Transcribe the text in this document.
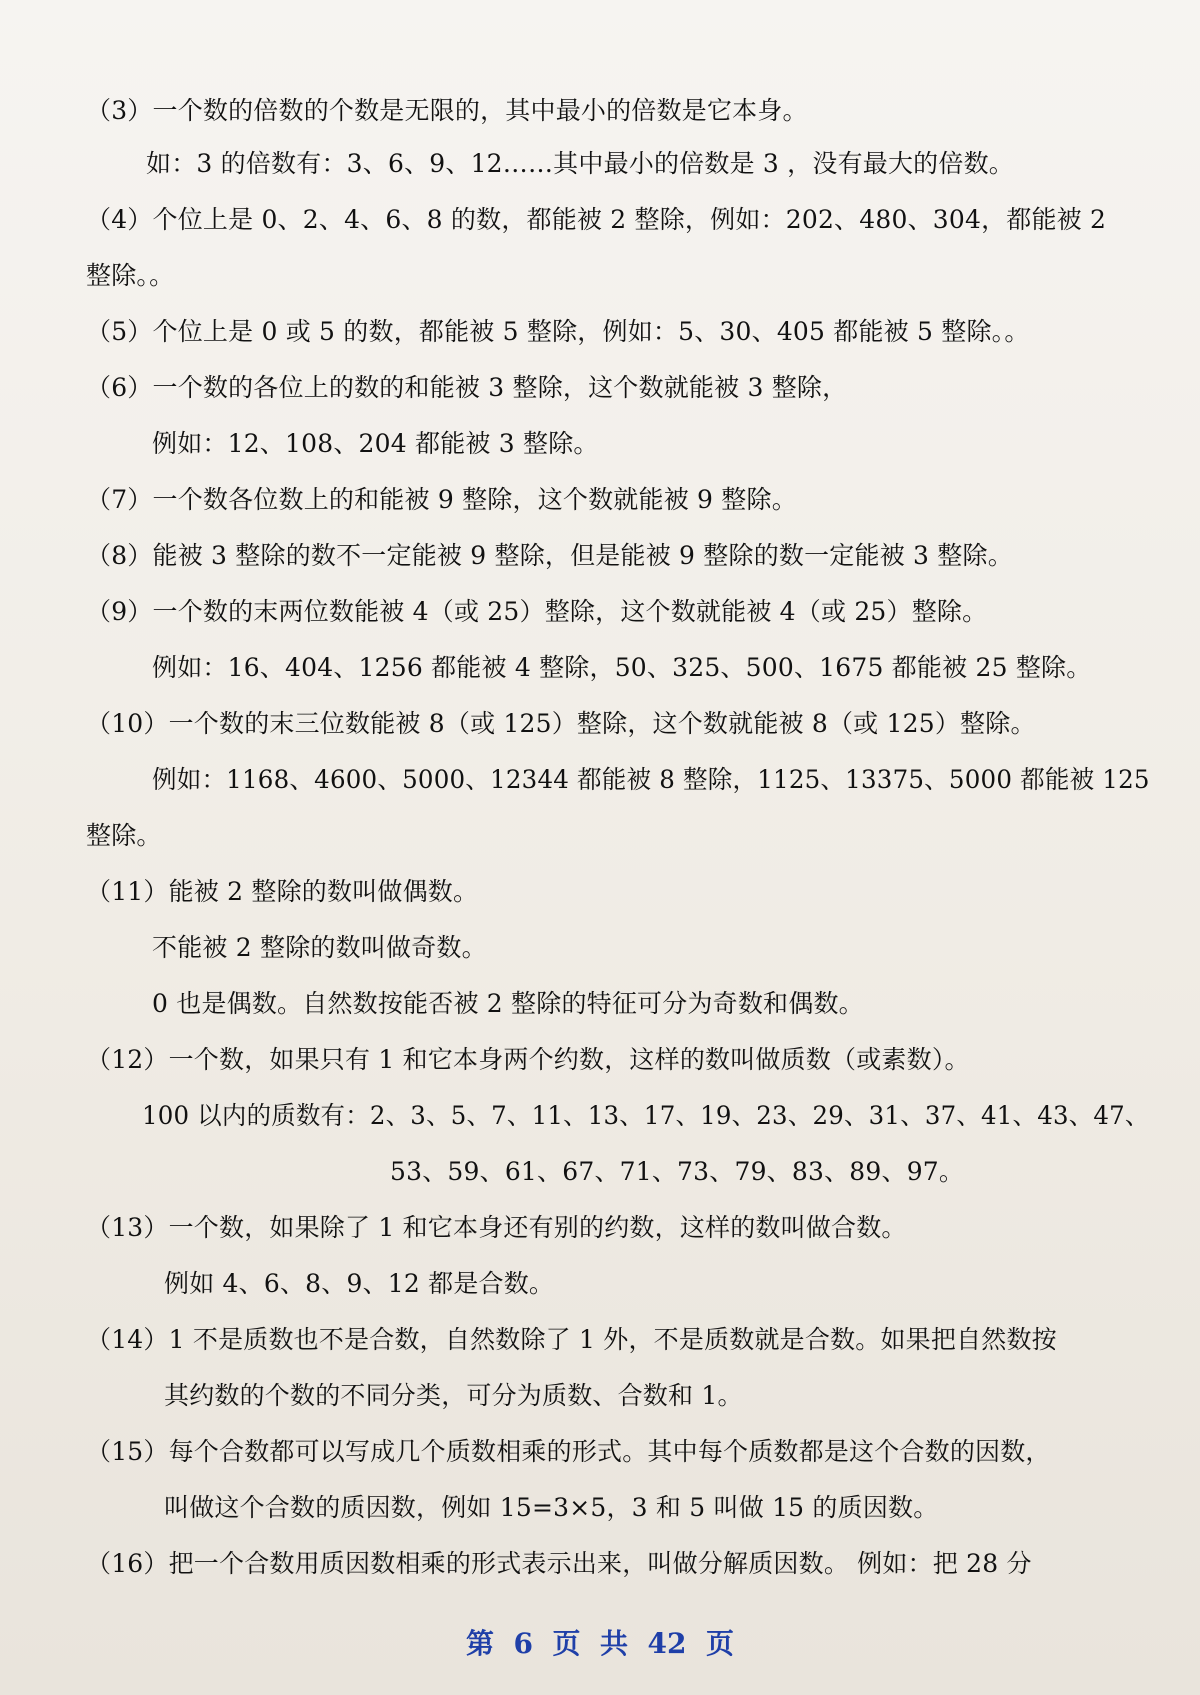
（3）一个数的倍数的个数是无限的，其中最小的倍数是它本身。
如：3 的倍数有：3、6、9、12……其中最小的倍数是 3 ，没有最大的倍数。
（4）个位上是 0、2、4、6、8 的数，都能被 2 整除，例如：202、480、304，都能被 2
整除。。
（5）个位上是 0 或 5 的数，都能被 5 整除，例如：5、30、405 都能被 5 整除。。
（6）一个数的各位上的数的和能被 3 整除，这个数就能被 3 整除，
例如：12、108、204 都能被 3 整除。
（7）一个数各位数上的和能被 9 整除，这个数就能被 9 整除。
（8）能被 3 整除的数不一定能被 9 整除，但是能被 9 整除的数一定能被 3 整除。
（9）一个数的末两位数能被 4（或 25）整除，这个数就能被 4（或 25）整除。
例如：16、404、1256 都能被 4 整除，50、325、500、1675 都能被 25 整除。
（10）一个数的末三位数能被 8（或 125）整除，这个数就能被 8（或 125）整除。
例如：1168、4600、5000、12344 都能被 8 整除，1125、13375、5000 都能被 125
整除。
（11）能被 2 整除的数叫做偶数。
不能被 2 整除的数叫做奇数。
0 也是偶数。自然数按能否被 2 整除的特征可分为奇数和偶数。
（12）一个数，如果只有 1 和它本身两个约数，这样的数叫做质数（或素数）。
100 以内的质数有：2、3、5、7、11、13、17、19、23、29、31、37、41、43、47、
53、59、61、67、71、73、79、83、89、97。
（13）一个数，如果除了 1 和它本身还有别的约数，这样的数叫做合数。
例如 4、6、8、9、12 都是合数。
（14）1 不是质数也不是合数，自然数除了 1 外，不是质数就是合数。如果把自然数按
其约数的个数的不同分类，可分为质数、合数和 1。
（15）每个合数都可以写成几个质数相乘的形式。其中每个质数都是这个合数的因数，
叫做这个合数的质因数，例如 15=3×5，3 和 5 叫做 15 的质因数。
（16）把一个合数用质因数相乘的形式表示出来，叫做分解质因数。 例如：把 28 分
第  6  页  共  42  页
